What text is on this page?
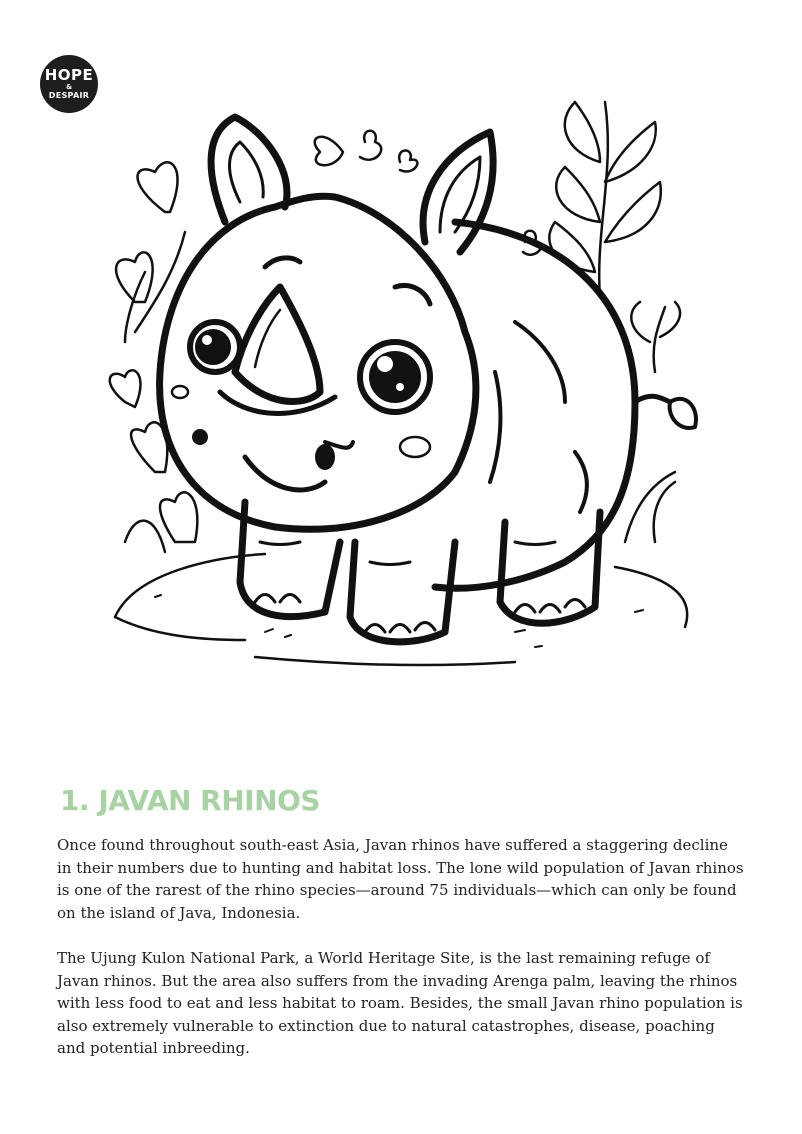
HOPE
&
DESPAIR
1. JAVAN RHINOS

Once found throughout south-east Asia, Javan rhinos have suffered a staggering decline in their numbers due to hunting and habitat loss. The lone wild population of Javan rhinos is one of the rarest of the rhino species—around 75 individuals—which can only be found on the island of Java, Indonesia.

The Ujung Kulon National Park, a World Heritage Site, is the last remaining refuge of Javan rhinos. But the area also suffers from the invading Arenga palm, leaving the rhinos with less food to eat and less habitat to roam. Besides, the small Javan rhino population is also extremely vulnerable to extinction due to natural catastrophes, disease, poaching and potential inbreeding.
